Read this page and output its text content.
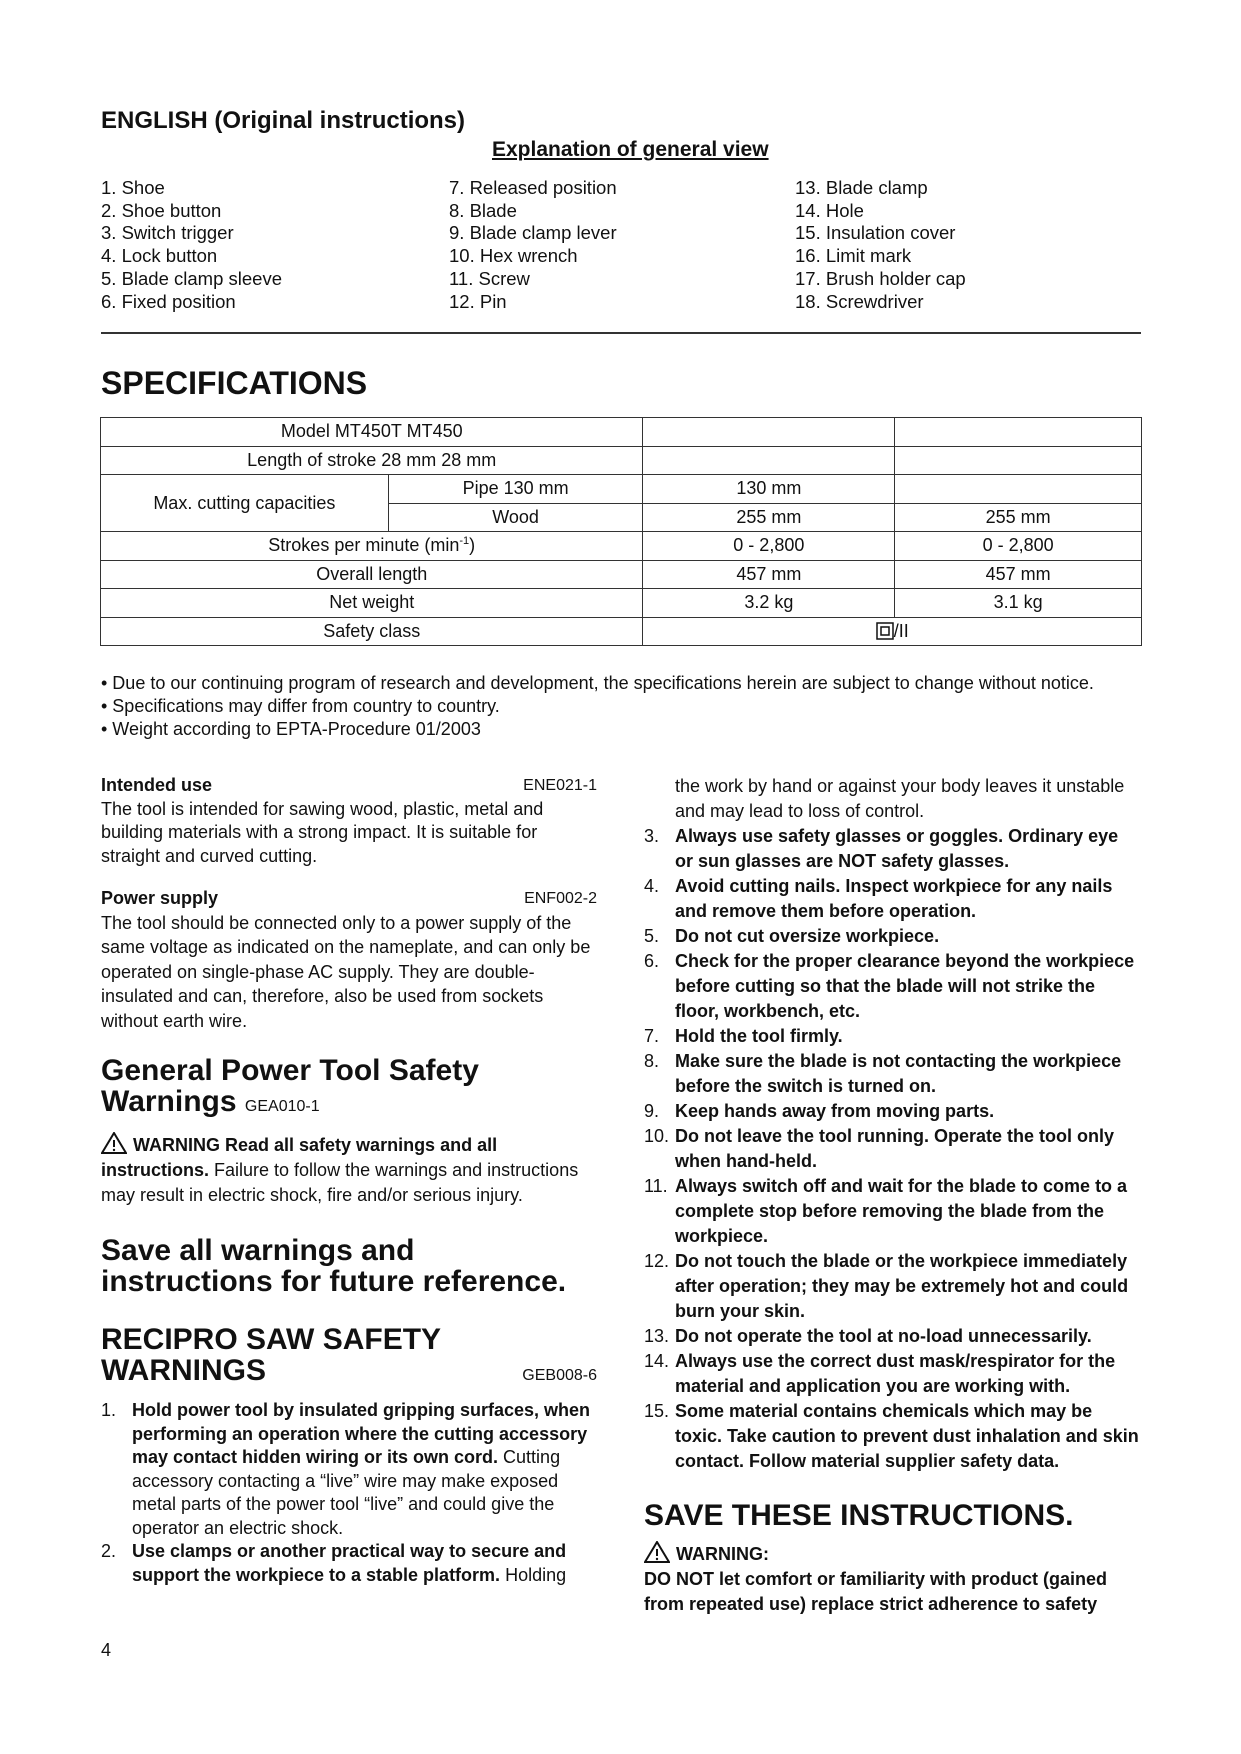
ENGLISH (Original instructions)
Explanation of general view
1. Shoe	7. Released position	13. Blade clamp
2. Shoe button	8. Blade	14. Hole
3. Switch trigger	9. Blade clamp lever	15. Insulation cover
4. Lock button	10. Hex wrench	16. Limit mark
5. Blade clamp sleeve	11. Screw	17. Brush holder cap
6. Fixed position	12. Pin	18. Screwdriver
SPECIFICATIONS
Model MT450T MT450			
Length of stroke 28 mm 28 mm			
Max. cutting capacities	Pipe 130 mm	130 mm	
	Wood	255 mm	255 mm
Strokes per minute $(\min^{-1})$		0 - 2,800	0 - 2,800
Overall length		457 mm	457 mm
Net weight		3.2 kg	3.1 kg
Safety class		/II	
• Due to our continuing program of research and development, the specifications herein are subject to change without notice.
• Specifications may differ from country to country.
• Weight according to EPTA-Procedure 01/2003
Intended use	ENE021-1
The tool is intended for sawing wood, plastic, metal and building materials with a strong impact. It is suitable for straight and curved cutting.
Power supply	ENF002-2
The tool should be connected only to a power supply of the same voltage as indicated on the nameplate, and can only be operated on single-phase AC supply. They are double-insulated and can, therefore, also be used from sockets without earth wire.
General Power Tool Safety
Warnings GEA010-1
WARNING Read all safety warnings and all instructions. Failure to follow the warnings and instructions may result in electric shock, fire and/or serious injury.
Save all warnings and
instructions for future reference.
RECIPRO SAW SAFETY
WARNINGS	GEB008-6
1. Hold power tool by insulated gripping surfaces, when performing an operation where the cutting accessory may contact hidden wiring or its own cord. Cutting accessory contacting a “live” wire may make exposed metal parts of the power tool “live” and could give the operator an electric shock.
2. Use clamps or another practical way to secure and support the workpiece to a stable platform. Holding
the work by hand or against your body leaves it unstable and may lead to loss of control.
3. Always use safety glasses or goggles. Ordinary eye or sun glasses are NOT safety glasses.
4. Avoid cutting nails. Inspect workpiece for any nails and remove them before operation.
5. Do not cut oversize workpiece.
6. Check for the proper clearance beyond the workpiece before cutting so that the blade will not strike the floor, workbench, etc.
7. Hold the tool firmly.
8. Make sure the blade is not contacting the workpiece before the switch is turned on.
9. Keep hands away from moving parts.
10. Do not leave the tool running. Operate the tool only when hand-held.
11. Always switch off and wait for the blade to come to a complete stop before removing the blade from the workpiece.
12. Do not touch the blade or the workpiece immediately after operation; they may be extremely hot and could burn your skin.
13. Do not operate the tool at no-load unnecessarily.
14. Always use the correct dust mask/respirator for the material and application you are working with.
15. Some material contains chemicals which may be toxic. Take caution to prevent dust inhalation and skin contact. Follow material supplier safety data.
SAVE THESE INSTRUCTIONS.
WARNING:
DO NOT let comfort or familiarity with product (gained from repeated use) replace strict adherence to safety
4
